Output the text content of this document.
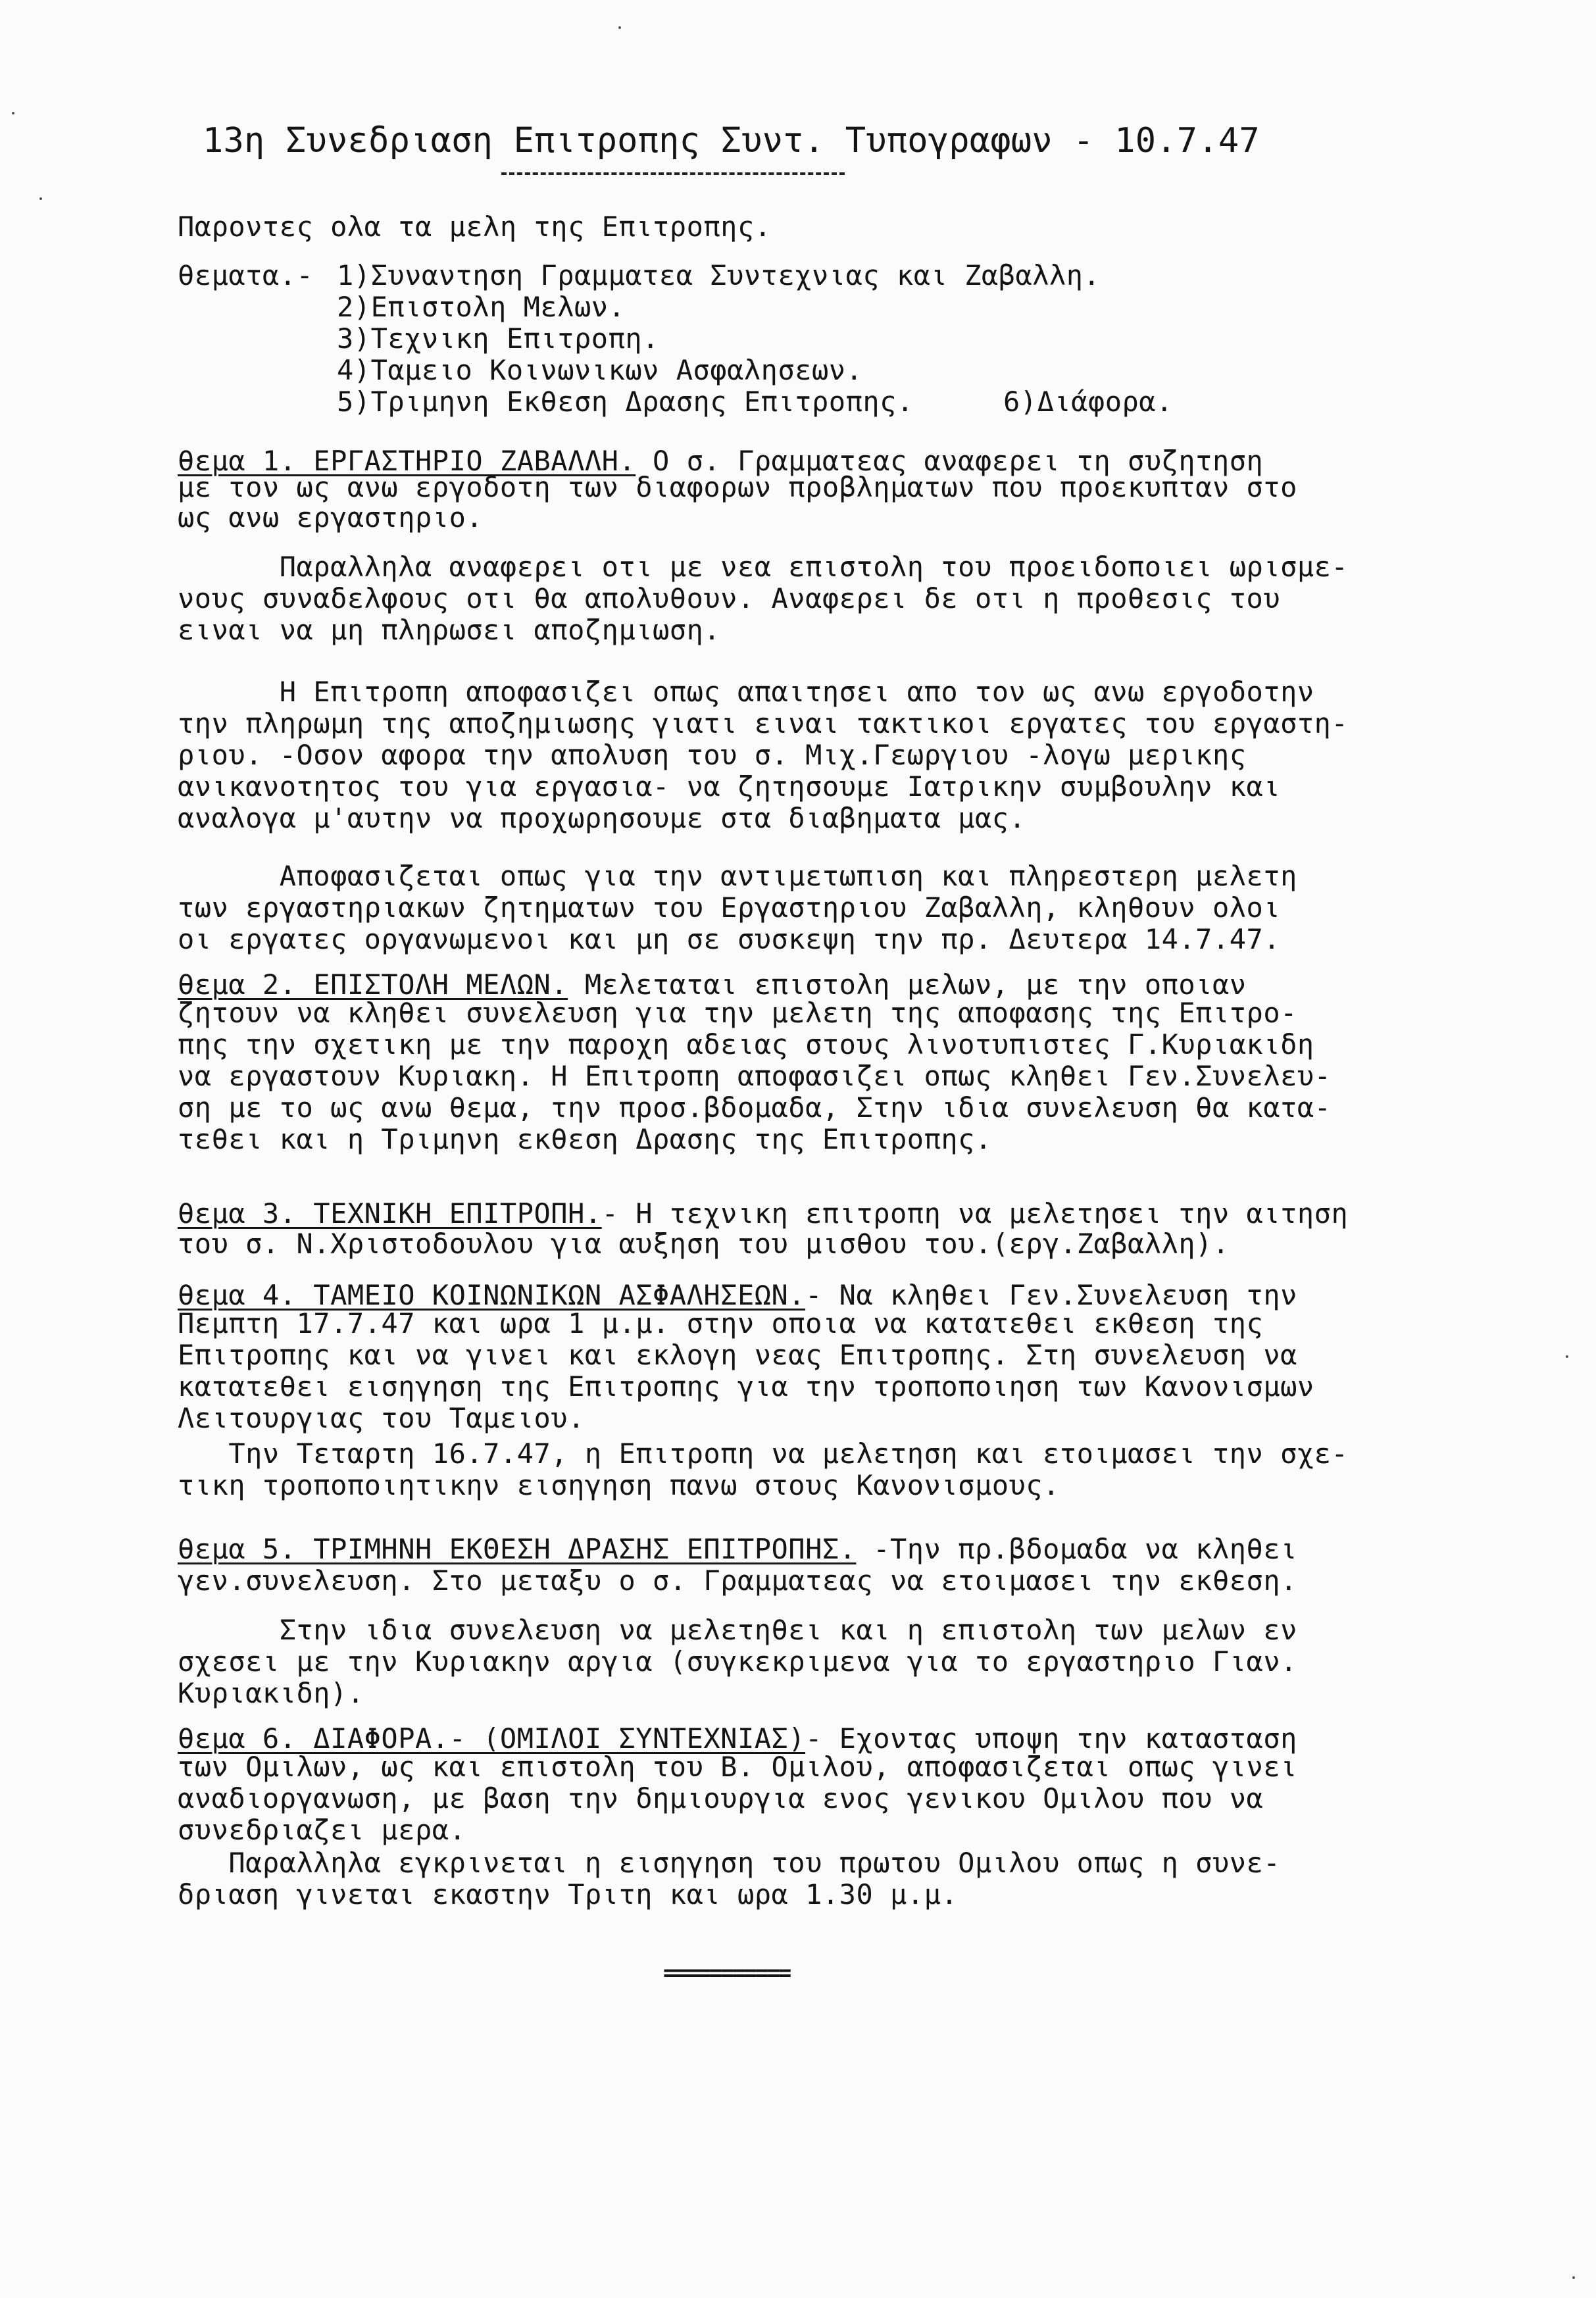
13η Συνεδριαση Επιτροπης Συντ. Τυπογραφων - 10.7.47
Παροντες ολα τα μελη της Επιτροπης.
θεματα.- 1)Συναντηση Γραμματεα Συντεχνιας και Ζαβαλλη.
2)Επιστολη Μελων.
3)Τεχνικη Επιτροπη.
4)Ταμειο Κοινωνικων Ασφαλησεων.
5)Τριμηνη Εκθεση Δρασης Επιτροπης.	6)Διάφορα.
θεμα 1. ΕΡΓΑΣΤΗΡΙΟ ΖΑΒΑΛΛΗ. Ο σ. Γραμματεας αναφερει τη συζητηση
με τον ως ανω εργοδοτη των διαφορων προβληματων που προεκυπταν στο
ως ανω εργαστηριο.
Παραλληλα αναφερει οτι με νεα επιστολη του προειδοποιει ωρισμε-
νους συναδελφους οτι θα απολυθουν. Αναφερει δε οτι η προθεσις του
ειναι να μη πληρωσει αποζημιωση.
Η Επιτροπη αποφασιζει οπως απαιτησει απο τον ως ανω εργοδοτην
την πληρωμη της αποζημιωσης γιατι ειναι τακτικοι εργατες του εργαστη-
ριου. -Οσον αφορα την απολυση του σ. Μιχ.Γεωργιου -λογω μερικης
ανικανοτητος του για εργασια- να ζητησουμε Ιατρικην συμβουλην και
αναλογα μ'αυτην να προχωρησουμε στα διαβηματα μας.
Αποφασιζεται οπως για την αντιμετωπιση και πληρεστερη μελετη
των εργαστηριακων ζητηματων του Εργαστηριου Ζαβαλλη, κληθουν ολοι
οι εργατες οργανωμενοι και μη σε συσκεψη την πρ. Δευτερα 14.7.47.
θεμα 2. ΕΠΙΣΤΟΛΗ ΜΕΛΩΝ. Μελεταται επιστολη μελων, με την οποιαν
ζητουν να κληθει συνελευση για την μελετη της αποφασης της Επιτρο-
πης την σχετικη με την παροχη αδειας στους λινοτυπιστες Γ.Κυριακιδη
να εργαστουν Κυριακη. Η Επιτροπη αποφασιζει οπως κληθει Γεν.Συνελευ-
ση με το ως ανω θεμα, την προσ.βδομαδα, Στην ιδια συνελευση θα κατα-
τεθει και η Τριμηνη εκθεση Δρασης της Επιτροπης.
θεμα 3. ΤΕΧΝΙΚΗ ΕΠΙΤΡΟΠΗ.- Η τεχνικη επιτροπη να μελετησει την αιτηση
του σ. Ν.Χριστοδουλου για αυξηση του μισθου του.(εργ.Ζαβαλλη).
θεμα 4. ΤΑΜΕΙΟ ΚΟΙΝΩΝΙΚΩΝ ΑΣΦΑΛΗΣΕΩΝ.- Να κληθει Γεν.Συνελευση την
Πεμπτη 17.7.47 και ωρα 1 μ.μ. στην οποια να κατατεθει εκθεση της
Επιτροπης και να γινει και εκλογη νεας Επιτροπης. Στη συνελευση να
κατατεθει εισηγηση της Επιτροπης για την τροποποιηση των Κανονισμων
Λειτουργιας του Ταμειου.
Την Τεταρτη 16.7.47, η Επιτροπη να μελετηση και ετοιμασει την σχε-
τικη τροποποιητικην εισηγηση πανω στους Κανονισμους.
θεμα 5. ΤΡΙΜΗΝΗ ΕΚΘΕΣΗ ΔΡΑΣΗΣ ΕΠΙΤΡΟΠΗΣ. -Την πρ.βδομαδα να κληθει
γεν.συνελευση. Στο μεταξυ ο σ. Γραμματεας να ετοιμασει την εκθεση.
Στην ιδια συνελευση να μελετηθει και η επιστολη των μελων εν
σχεσει με την Κυριακην αργια (συγκεκριμενα για το εργαστηριο Γιαν.
Κυριακιδη).
θεμα 6. ΔΙΑΦΟΡΑ.- (ΟΜΙΛΟΙ ΣΥΝΤΕΧΝΙΑΣ)- Εχοντας υποψη την κατασταση
των Ομιλων, ως και επιστολη του Β. Ομιλου, αποφασιζεται οπως γινει
αναδιοργανωση, με βαση την δημιουργια ενος γενικου Ομιλου που να
συνεδριαζει μερα.
Παραλληλα εγκρινεται η εισηγηση του πρωτου Ομιλου οπως η συνε-
δριαση γινεται εκαστην Τριτη και ωρα 1.30 μ.μ.
===========
